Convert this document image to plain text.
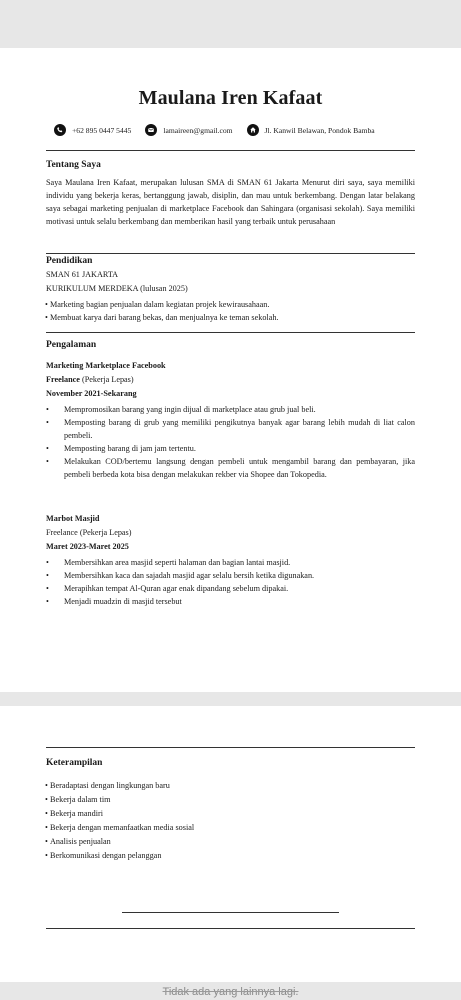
Maulana Iren Kafaat
+62 895 0447 5445	lamaireen@gmail.com	Jl. Kanwil Belawan, Pondok Bamba
Tentang Saya
Saya Maulana Iren Kafaat, merupakan lulusan SMA di SMAN 61 Jakarta Menurut diri saya, saya memiliki individu yang bekerja keras, bertanggung jawab, disiplin, dan mau untuk berkembang. Dengan latar belakang saya sebagai marketing penjualan di marketplace Facebook dan Sahingara (organisasi sekolah). Saya memiliki motivasi untuk selalu berkembang dan memberikan hasil yang terbaik untuk perusahaan
Pendidikan
SMAN 61 JAKARTA
KURIKULUM MERDEKA (lulusan 2025)
• Marketing bagian penjualan dalam kegiatan projek kewirausahaan.
• Membuat karya dari barang bekas, dan menjualnya ke teman sekolah.
Pengalaman
Marketing Marketplace Facebook
Freelance (Pekerja Lepas)
November 2021-Sekarang
• Mempromosikan barang yang ingin dijual di marketplace atau grub jual beli.
• Memposting barang di grub yang memiliki pengikutnya banyak agar barang lebih mudah di liat calon pembeli.
• Memposting barang di jam jam tertentu.
• Melakukan COD/bertemu langsung dengan pembeli untuk mengambil barang dan pembayaran, jika pembeli berbeda kota bisa dengan melakukan rekber via Shopee dan Tokopedia.
Marbot Masjid
Freelance (Pekerja Lepas)
Maret 2023-Maret 2025
• Membersihkan area masjid seperti halaman dan bagian lantai masjid.
• Membersihkan kaca dan sajadah masjid agar selalu bersih ketika digunakan.
• Merapihkan tempat Al-Quran agar enak dipandang sebelum dipakai.
• Menjadi muadzin di masjid tersebut
Keterampilan
• Beradaptasi dengan lingkungan baru
• Bekerja dalam tim
• Bekerja mandiri
• Bekerja dengan memanfaatkan media sosial
• Analisis penjualan
• Berkomunikasi dengan pelanggan
Tidak ada yang lainnya lagi.
